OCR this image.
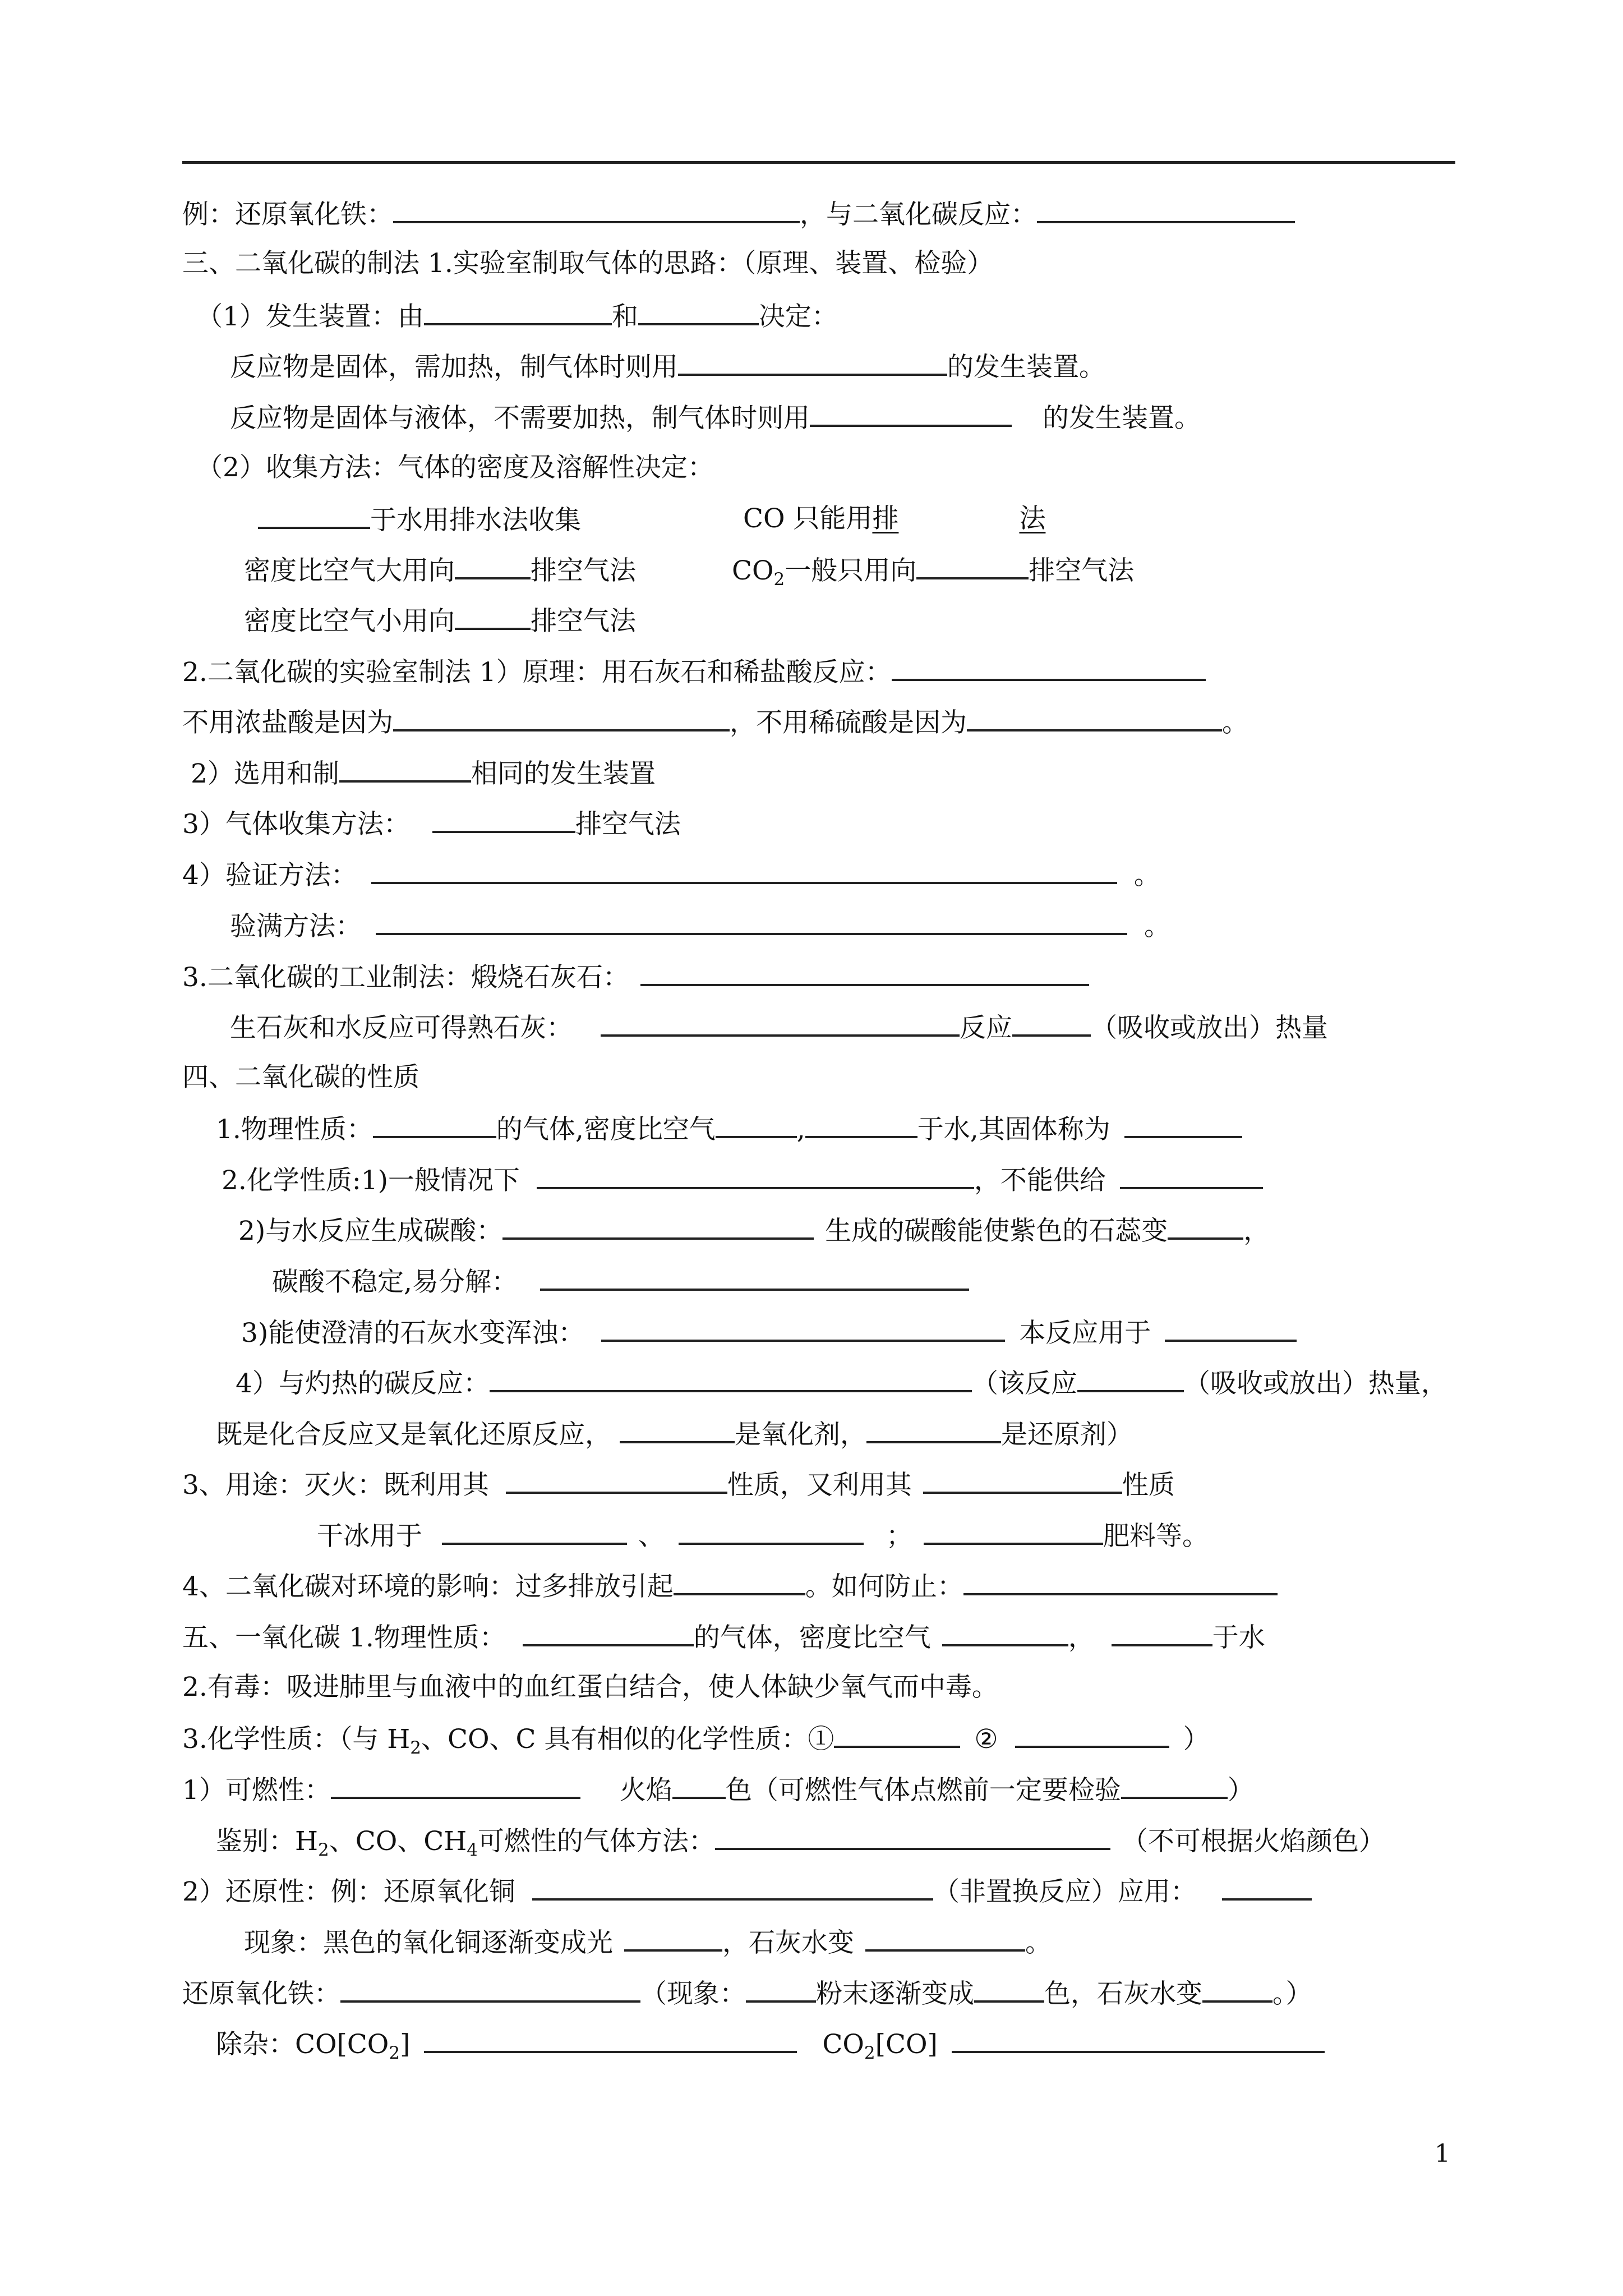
例：还原氧化铁：	，与二氧化碳反应：
三、二氧化碳的制法 1.实验室制取气体的思路：（原理、装置、检验）
（1）发生装置：由	和	决定：
反应物是固体，需加热，制气体时则用	的发生装置。
反应物是固体与液体，不需要加热，制气体时则用	的发生装置。
（2）收集方法：气体的密度及溶解性决定：
于水用排水法收集	CO 只能用排	法
密度比空气大用向	排空气法	$CO_2$一般只用向	排空气法
密度比空气小用向	排空气法
2.二氧化碳的实验室制法 1）原理：用石灰石和稀盐酸反应：
不用浓盐酸是因为	，不用稀硫酸是因为	。
2）选用和制	相同的发生装置
3）气体收集方法：	排空气法
4）验证方法：	。
验满方法：	。
3.二氧化碳的工业制法：煅烧石灰石：
生石灰和水反应可得熟石灰：	反应	（吸收或放出）热量
四、二氧化碳的性质
1.物理性质：	的气体,密度比空气	,	于水,其固体称为
2.化学性质:1)一般情况下	，不能供给
2)与水反应生成碳酸：	生成的碳酸能使紫色的石蕊变	，
碳酸不稳定,易分解：
3)能使澄清的石灰水变浑浊：	本反应用于
4）与灼热的碳反应：	（该反应	（吸收或放出）热量，
既是化合反应又是氧化还原反应，	是氧化剂，	是还原剂）
3、用途：灭火：既利用其	性质，又利用其	性质
干冰用于	、	；	肥料等。
4、二氧化碳对环境的影响：过多排放引起	。如何防止：
五、一氧化碳 1.物理性质：	的气体，密度比空气	，	于水
2.有毒：吸进肺里与血液中的血红蛋白结合，使人体缺少氧气而中毒。
3.化学性质：（与 $H_2$、CO、C 具有相似的化学性质：①	②	）
1）可燃性：	火焰 色（可燃性气体点燃前一定要检验	）
鉴别：$H_2$、CO、$CH_4$可燃性的气体方法：	（不可根据火焰颜色）
2）还原性：例：还原氧化铜	（非置换反应）应用：
现象：黑色的氧化铜逐渐变成光	，石灰水变	。
还原氧化铁：	（现象：	粉末逐渐变成	色，石灰水变	。）
除杂：$CO[CO_2]$	$CO_2[CO]$
1
